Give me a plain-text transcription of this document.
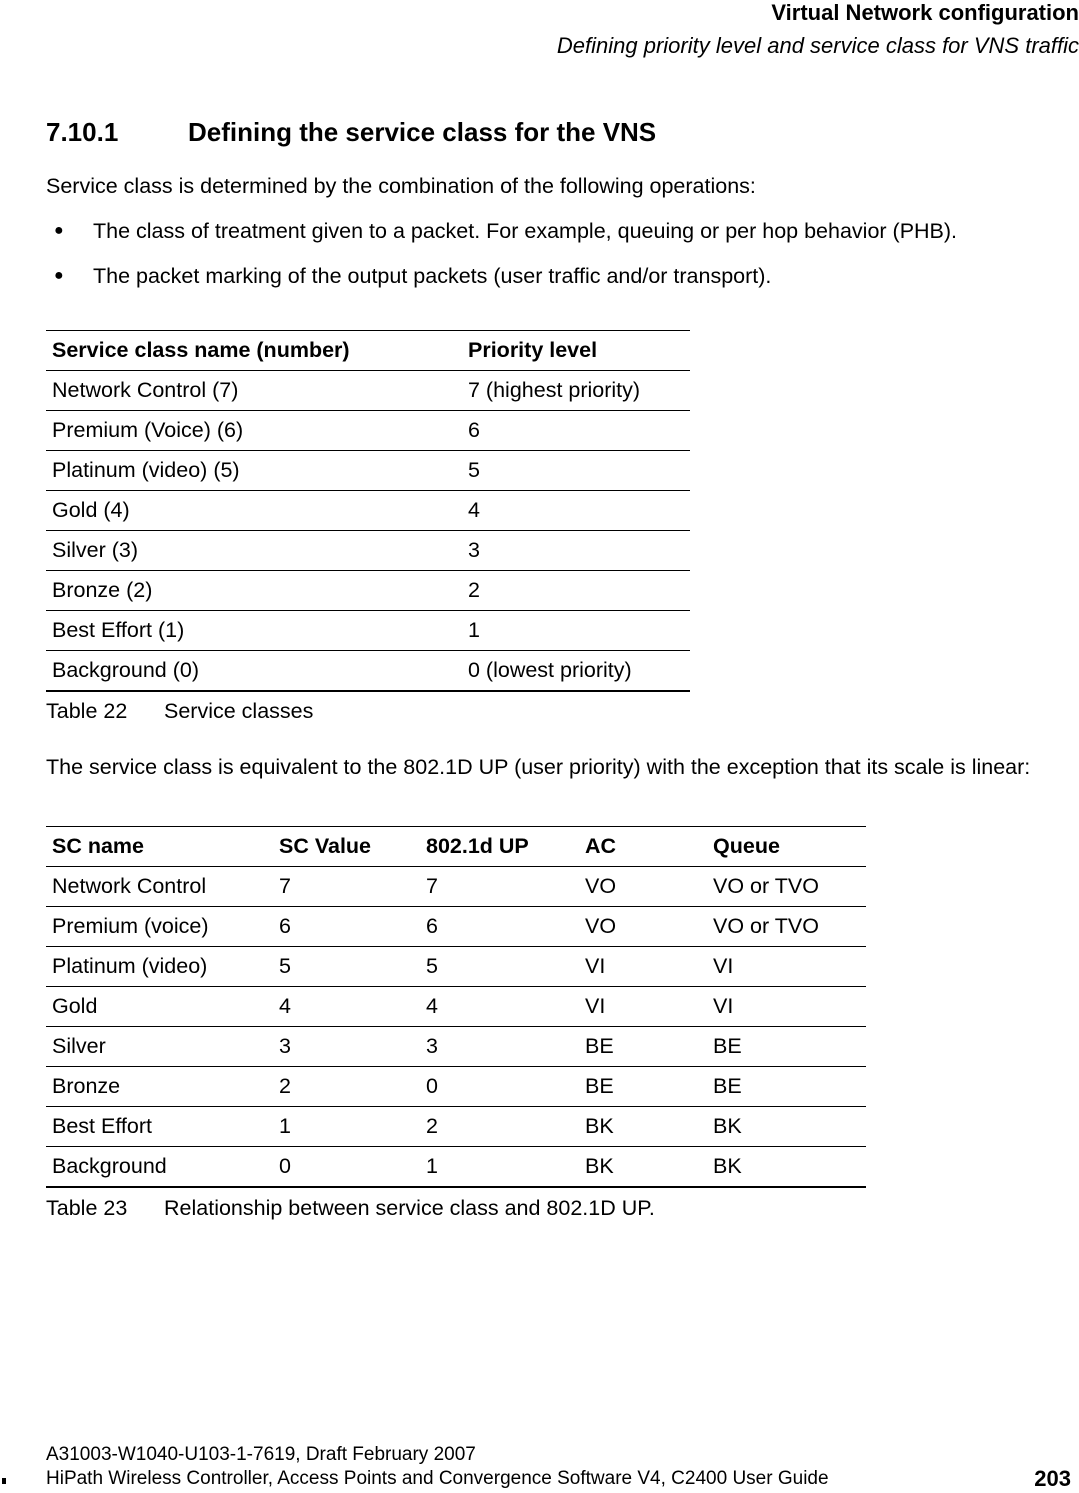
Virtual Network configuration
Defining priority level and service class for VNS traffic
7.10.1	Defining the service class for the VNS
Service class is determined by the combination of the following operations:
● The class of treatment given to a packet. For example, queuing or per hop behavior (PHB).
● The packet marking of the output packets (user traffic and/or transport).
Service class name (number)	Priority level
Network Control (7)	7 (highest priority)
Premium (Voice) (6)	6
Platinum (video) (5)	5
Gold (4)	4
Silver (3)	3
Bronze (2)	2
Best Effort (1)	1
Background (0)	0 (lowest priority)
Table 22 Service classes
The service class is equivalent to the 802.1D UP (user priority) with the exception that its scale is linear:
SC name	SC Value	802.1d UP	AC	Queue
Network Control	7	7	VO	VO or TVO
Premium (voice)	6	6	VO	VO or TVO
Platinum (video)	5	5	VI	VI
Gold	4	4	VI	VI
Silver	3	3	BE	BE
Bronze	2	0	BE	BE
Best Effort	1	2	BK	BK
Background	0	1	BK	BK
Table 23 Relationship between service class and 802.1D UP.
A31003-W1040-U103-1-7619, Draft February 2007
HiPath Wireless Controller, Access Points and Convergence Software V4, C2400 User Guide	203
